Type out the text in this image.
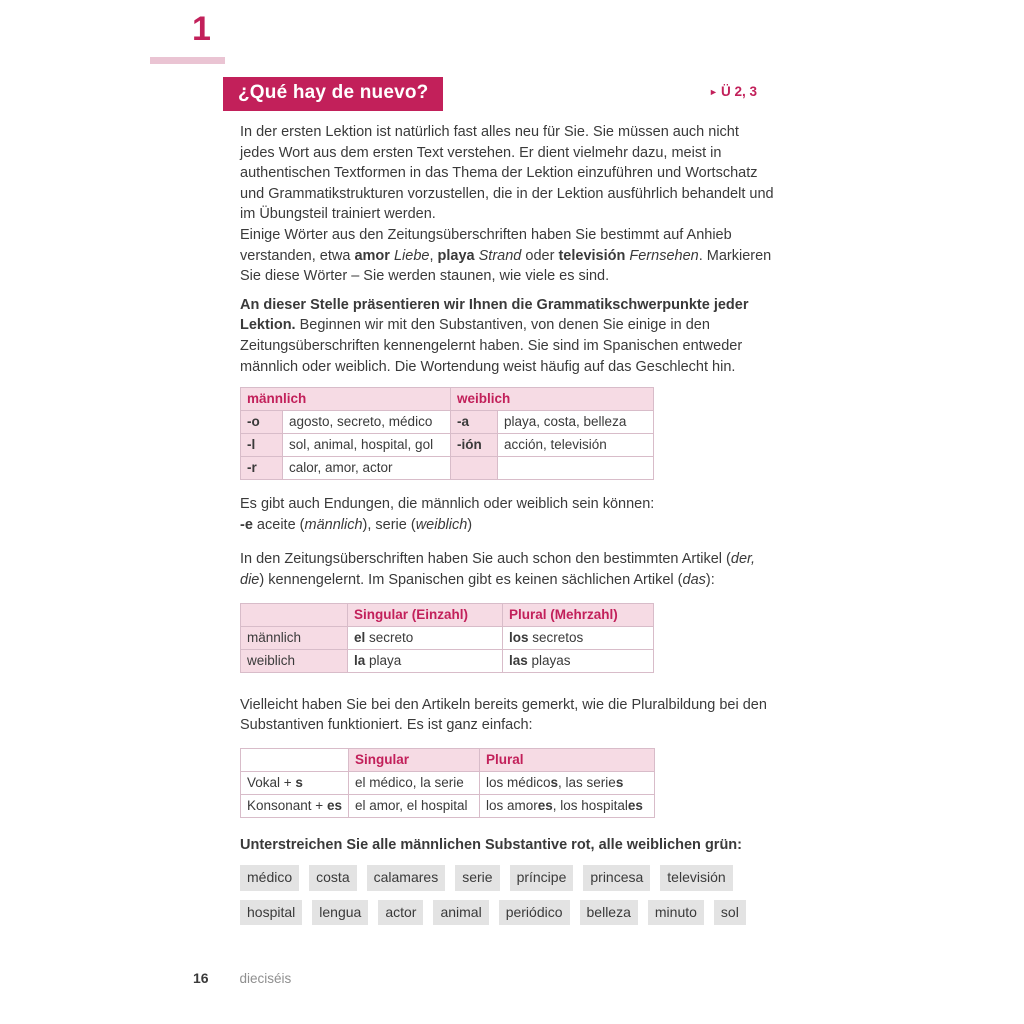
1
¿Qué hay de nuevo?	► Ü 2, 3

In der ersten Lektion ist natürlich fast alles neu für Sie. Sie müssen auch nicht jedes Wort aus dem ersten Text verstehen. Er dient vielmehr dazu, meist in authentischen Textformen in das Thema der Lektion einzuführen und Wortschatz und Grammatikstrukturen vorzustellen, die in der Lektion ausführlich behandelt und im Übungsteil trainiert werden.

Einige Wörter aus den Zeitungsüberschriften haben Sie bestimmt auf Anhieb verstanden, etwa amor Liebe, playa Strand oder televisión Fernsehen. Markieren Sie diese Wörter – Sie werden staunen, wie viele es sind.

An dieser Stelle präsentieren wir Ihnen die Grammatikschwerpunkte jeder Lektion. Beginnen wir mit den Substantiven, von denen Sie einige in den Zeitungsüberschriften kennengelernt haben. Sie sind im Spanischen entweder männlich oder weiblich. Die Wortendung weist häufig auf das Geschlecht hin.

männlich		weiblich	
-o	agosto, secreto, médico	-a	playa, costa, belleza
-l	sol, animal, hospital, gol	-ión	acción, televisión
-r	calor, amor, actor		

Es gibt auch Endungen, die männlich oder weiblich sein können:

-e aceite (männlich), serie (weiblich)

In den Zeitungsüberschriften haben Sie auch schon den bestimmten Artikel (der, die) kennengelernt. Im Spanischen gibt es keinen sächlichen Artikel (das):

	Singular (Einzahl)	Plural (Mehrzahl)
männlich	el secreto	los secretos
weiblich	la playa	las playas

Vielleicht haben Sie bei den Artikeln bereits gemerkt, wie die Pluralbildung bei den Substantiven funktioniert. Es ist ganz einfach:

	Singular	Plural
Vokal + s	el médico, la serie	los médicos, las series
Konsonant + es	el amor, el hospital	los amores, los hospitales

Unterstreichen Sie alle männlichen Substantive rot, alle weiblichen grün:

médico	costa	calamares	serie	príncipe	princesa	televisión
hospital	lengua	actor	animal	periódico	belleza	minuto	sol
16 dieciséis
